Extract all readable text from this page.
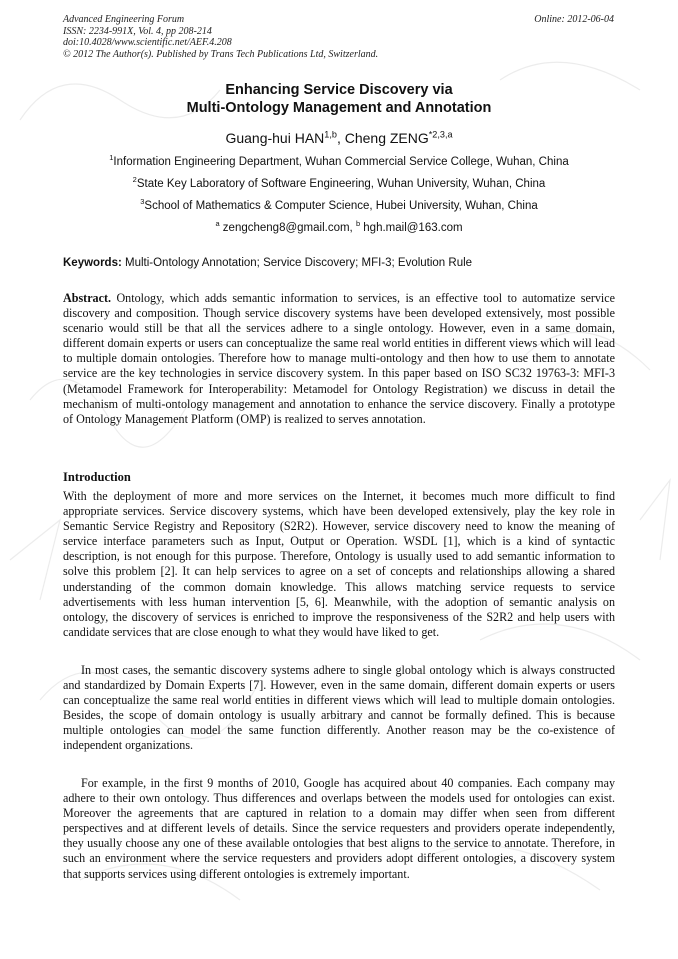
Advanced Engineering Forum
ISSN: 2234-991X, Vol. 4, pp 208-214
doi:10.4028/www.scientific.net/AEF.4.208
© 2012 The Author(s). Published by Trans Tech Publications Ltd, Switzerland.
Online: 2012-06-04
Enhancing Service Discovery via
Multi-Ontology Management and Annotation
Guang-hui HAN$^{1,b}$, Cheng ZENG$^{*2,3,a}$
$^1$Information Engineering Department, Wuhan Commercial Service College, Wuhan, China
$^2$State Key Laboratory of Software Engineering, Wuhan University, Wuhan, China
$^3$School of Mathematics & Computer Science, Hubei University, Wuhan, China
$^a$ zengcheng8@gmail.com, $^b$ hgh.mail@163.com
Keywords: Multi-Ontology Annotation; Service Discovery; MFI-3; Evolution Rule
Abstract. Ontology, which adds semantic information to services, is an effective tool to automatize service discovery and composition. Though service discovery systems have been developed extensively, most possible scenario would still be that all the services adhere to a single ontology. However, even in a same domain, different domain experts or users can conceptualize the same real world entities in different views which will lead to multiple domain ontologies. Therefore how to manage multi-ontology and then how to use them to annotate service are the key technologies in service discovery system. In this paper based on ISO SC32 19763-3: MFI-3 (Metamodel Framework for Interoperability: Metamodel for Ontology Registration) we discuss in detail the mechanism of multi-ontology management and annotation to enhance the service discovery. Finally a prototype of Ontology Management Platform (OMP) is realized to serves annotation.
Introduction
With the deployment of more and more services on the Internet, it becomes much more difficult to find appropriate services. Service discovery systems, which have been developed extensively, play the key role in Semantic Service Registry and Repository (S2R2). However, service discovery need to know the meaning of service interface parameters such as Input, Output or Operation. WSDL [1], which is a kind of syntactic description, is not enough for this purpose. Therefore, Ontology is usually used to add semantic information to solve this problem [2]. It can help services to agree on a set of concepts and relationships allowing a shared understanding of the common domain knowledge. This allows matching service requests to service advertisements with less human intervention [5, 6]. Meanwhile, with the adoption of semantic analysis on ontology, the discovery of services is enriched to improve the responsiveness of the S2R2 and help users with candidate services that are close enough to what they would have liked to get.
In most cases, the semantic discovery systems adhere to single global ontology which is always constructed and standardized by Domain Experts [7]. However, even in the same domain, different domain experts or users can conceptualize the same real world entities in different views which will lead to multiple domain ontologies. Besides, the scope of domain ontology is usually arbitrary and cannot be formally defined. This is because multiple ontologies can model the same function differently. Another reason may be the co-existence of independent organizations.
For example, in the first 9 months of 2010, Google has acquired about 40 companies. Each company may adhere to their own ontology. Thus differences and overlaps between the models used for ontologies can exist. Moreover the agreements that are captured in relation to a domain may differ when seen from different perspectives and at different levels of details. Since the service requesters and providers operate independently, they usually choose any one of these available ontologies that best aligns to the service to annotate. Therefore, in such an environment where the service requesters and providers adopt different ontologies, a discovery system that supports services using different ontologies is extremely important.
